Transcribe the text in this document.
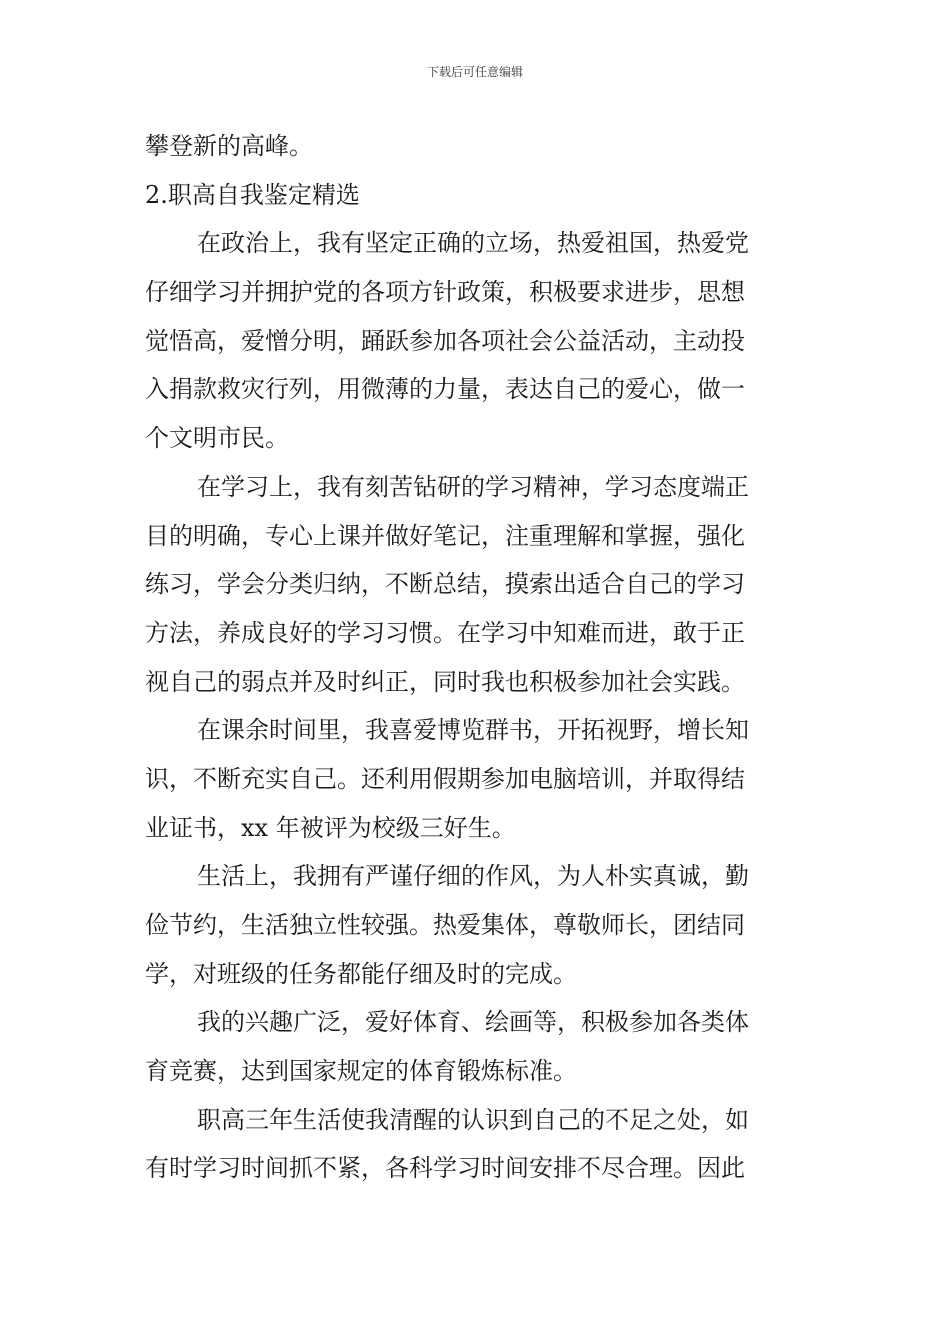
下载后可任意编辑
攀登新的高峰。
2.职高自我鉴定精选
在政治上，我有坚定正确的立场，热爱祖国，热爱党
仔细学习并拥护党的各项方针政策，积极要求进步，思想
觉悟高，爱憎分明，踊跃参加各项社会公益活动，主动投
入捐款救灾行列，用微薄的力量，表达自己的爱心，做一
个文明市民。
在学习上，我有刻苦钻研的学习精神，学习态度端正
目的明确，专心上课并做好笔记，注重理解和掌握，强化
练习，学会分类归纳，不断总结，摸索出适合自己的学习
方法，养成良好的学习习惯。在学习中知难而进，敢于正
视自己的弱点并及时纠正，同时我也积极参加社会实践。
在课余时间里，我喜爱博览群书，开拓视野，增长知
识，不断充实自己。还利用假期参加电脑培训，并取得结
业证书，xx 年被评为校级三好生。
生活上，我拥有严谨仔细的作风，为人朴实真诚，勤
俭节约，生活独立性较强。热爱集体，尊敬师长，团结同
学，对班级的任务都能仔细及时的完成。
我的兴趣广泛，爱好体育、绘画等，积极参加各类体
育竞赛，达到国家规定的体育锻炼标准。
职高三年生活使我清醒的认识到自己的不足之处，如
有时学习时间抓不紧，各科学习时间安排不尽合理。因此
